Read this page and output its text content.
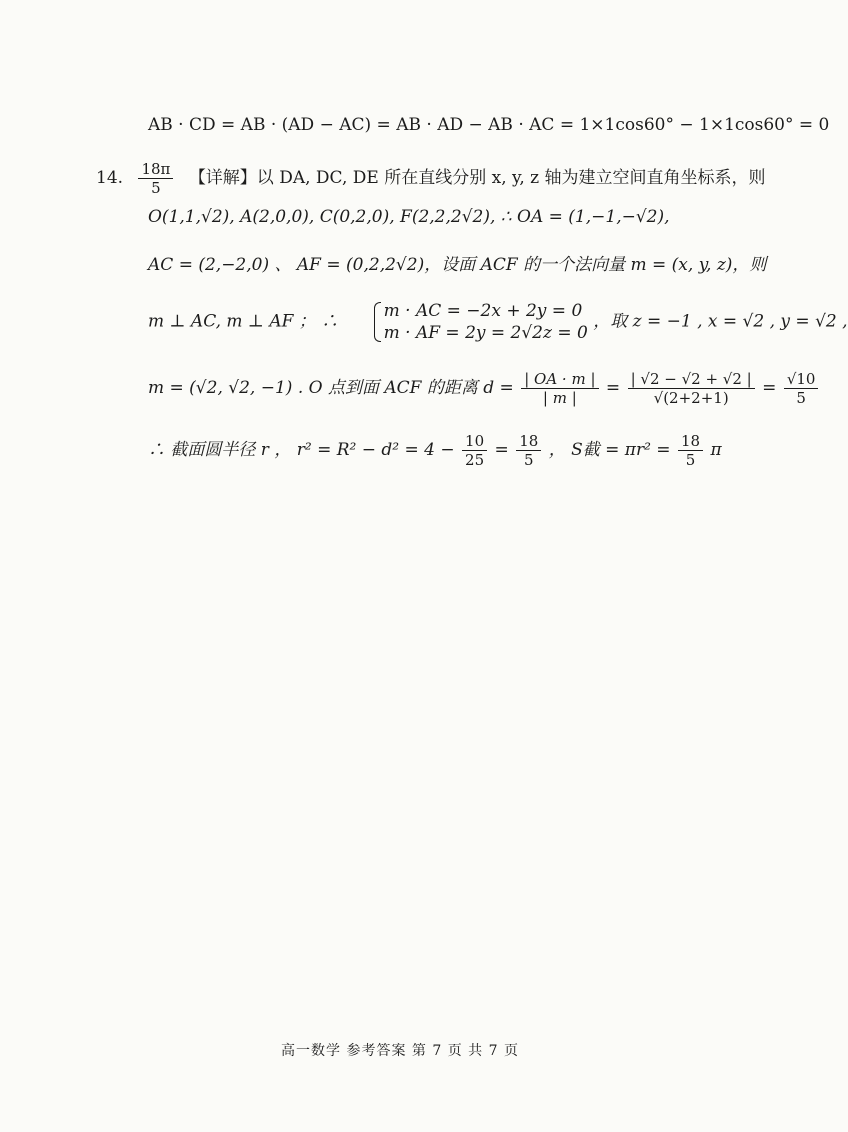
AB · CD = AB · (AD − AC) = AB · AD − AB · AC = 1×1cos60° − 1×1cos60° = 0
14. $\frac{18\pi}{5}$ 【详解】以 DA, DC, DE 所在直线分别 x, y, z 轴为建立空间直角坐标系，则
O(1,1,√2), A(2,0,0), C(0,2,0), F(2,2,2√2), ∴ OA = (1,−1,−√2),
AC = (2,−2,0) 、 AF = (0,2,2√2)，设面 ACF 的一个法向量 m = (x, y, z)，则
m ⊥ AC, m ⊥ AF ； ∴
m · AC = −2x + 2y = 0
m · AF = 2y = 2√2z = 0
，取 z = −1 , x = √2 , y = √2 ,
m = (√2, √2, −1) . O 点到面 ACF 的距离 $d = \frac{| OA \cdot m |}{| m |} = \frac{| √2 - √2 + √2 |}{√(2+2+1)} = \frac{√10}{5}$
∴ 截面圆半径 r ， $r^2 = R^2 - d^2 = 4 - \frac{10}{25} = \frac{18}{5}$ ， S截 = $\pi r^2 = \frac{18}{5}$ π
高一数学 参考答案 第 7 页 共 7 页
